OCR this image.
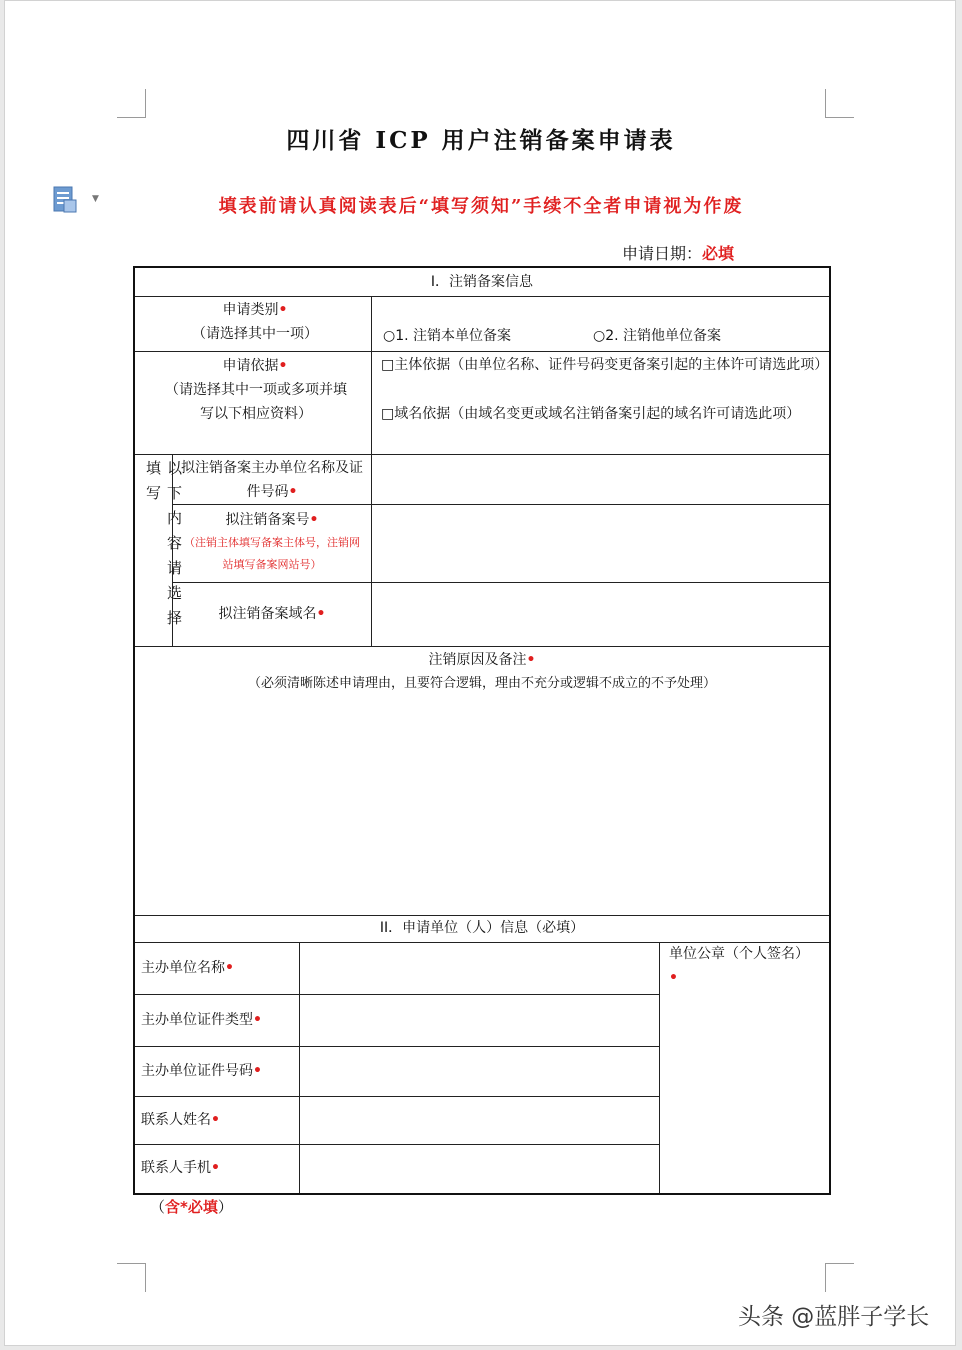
▼
四川省 ICP 用户注销备案申请表
填表前请认真阅读表后“填写须知”手续不全者申请视为作废
申请日期：必填
I．注销备案信息
申请类别•
（请选择其中一项）	○1. 注销本单位备案	○2. 注销他单位备案
申请依据•
（请选择其中一项或多项并填写以下相应资料）
□主体依据（由单位名称、证件号码变更备案引起的主体许可请选此项）
□域名依据（由域名变更或域名注销备案引起的域名许可请选此项）
以下内容请选择填写	拟注销备案主办单位名称及证件号码•
拟注销备案号•
（注销主体填写备案主体号，注销网站填写备案网站号）
拟注销备案域名•
注销原因及备注•
（必须清晰陈述申请理由，且要符合逻辑，理由不充分或逻辑不成立的不予处理）
II．申请单位（人）信息（必填）
主办单位名称•
主办单位证件类型•
主办单位证件号码•
联系人姓名•
联系人手机•
单位公章（个人签名）
•
（含*必填）
头条 @蓝胖子学长
